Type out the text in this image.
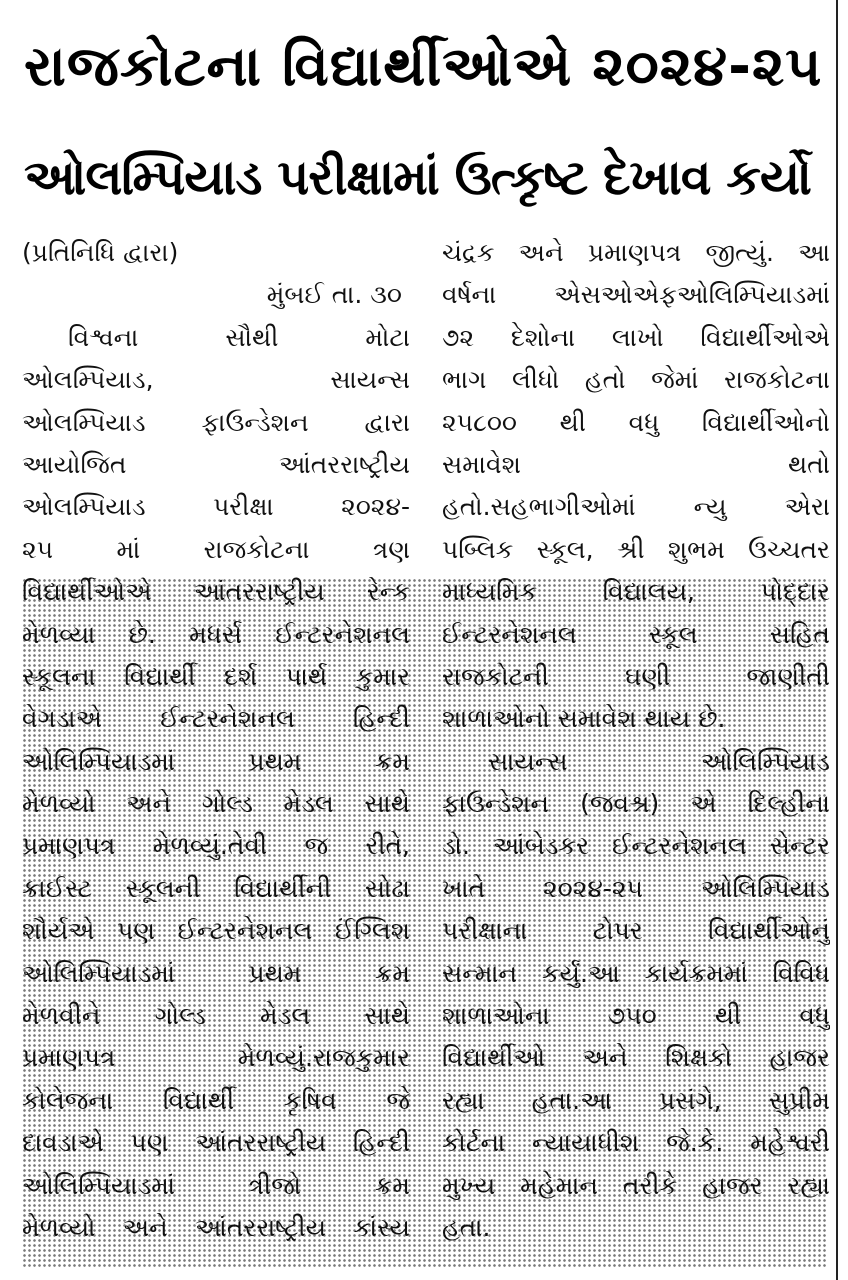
રાજકોટના વિદ્યાર્થીઓએ ૨૦૨૪-૨૫
ઓલમ્પિયાડ પરીક્ષામાં ઉત્કૃષ્ટ દેખાવ કર્યો
(પ્રતિનિધિ દ્વારા)
મુંબઈ તા. ૩૦
વિશ્વના સૌથી મોટા
ઓલમ્પિયાડ, સાયન્સ
ઓલમ્પિયાડ ફાઉન્ડેશન દ્વારા
આયોજિત આંતરરાષ્ટ્રીય
ઓલમ્પિયાડ પરીક્ષા ૨૦૨૪-
૨૫ માં રાજકોટના ત્રણ
વિદ્યાર્થીઓએ આંતરરાષ્ટ્રીય રેન્ક
મેળવ્યા છે. મધર્સ ઈન્ટરનેશનલ
સ્કૂલના વિદ્યાર્થી દર્શ પાર્થ કુમાર
વેગડાએ ઈન્ટરનેશનલ હિન્દી
ઓલિમ્પિયાડમાં પ્રથમ ક્રમ
મેળવ્યો અને ગોલ્ડ મેડલ સાથે
પ્રમાણપત્ર મેળવ્યું.તેવી જ રીતે,
ક્રાઈસ્ટ સ્કૂલની વિદ્યાર્થીની સોઢા
શૌર્યએ પણ ઈન્ટરનેશનલ ઈંગ્લિશ
ઓલિમ્પિયાડમાં પ્રથમ ક્રમ
મેળવીને ગોલ્ડ મેડલ સાથે
પ્રમાણપત્ર મેળવ્યું.રાજકુમાર
કોલેજના વિદ્યાર્થી કૃષિવ જે
દાવડાએ પણ આંતરરાષ્ટ્રીય હિન્દી
ઓલિમ્પિયાડમાં ત્રીજો ક્રમ
મેળવ્યો અને આંતરરાષ્ટ્રીય કાંસ્ય
ચંદ્રક અને પ્રમાણપત્ર જીત્યું. આ
વર્ષના એસઓએફઓલિમ્પિયાડમાં
૭૨ દેશોના લાખો વિદ્યાર્થીઓએ
ભાગ લીધો હતો જેમાં રાજકોટના
૨૫૮૦૦ થી વધુ વિદ્યાર્થીઓનો
સમાવેશ થતો
હતો.સહભાગીઓમાં ન્યુ એરા
પબ્લિક સ્કૂલ, શ્રી શુભમ ઉચ્ચતર
માધ્યમિક વિદ્યાલય, પોદ્દાર
ઈન્ટરનેશનલ સ્કૂલ સહિત
રાજકોટની ઘણી જાણીતી
શાળાઓનો સમાવેશ થાય છે.
સાયન્સ ઓલિમ્પિયાડ
ફાઉન્ડેશન (જવશ્ર) એ દિલ્હીના
ડો. આંબેડકર ઈન્ટરનેશનલ સેન્ટર
ખાતે ૨૦૨૪-૨૫ ઓલિમ્પિયાડ
પરીક્ષાના ટોપર વિદ્યાર્થીઓનું
સન્માન કર્યું.આ કાર્યક્રમમાં વિવિધ
શાળાઓના ૭૫૦ થી વધુ
વિદ્યાર્થીઓ અને શિક્ષકો હાજર
રહ્યા હતા.આ પ્રસંગે, સુપ્રીમ
કોર્ટના ન્યાયાધીશ જે.કે. મહેશ્વરી
મુખ્ય મહેમાન તરીકે હાજર રહ્યા
હતા.
